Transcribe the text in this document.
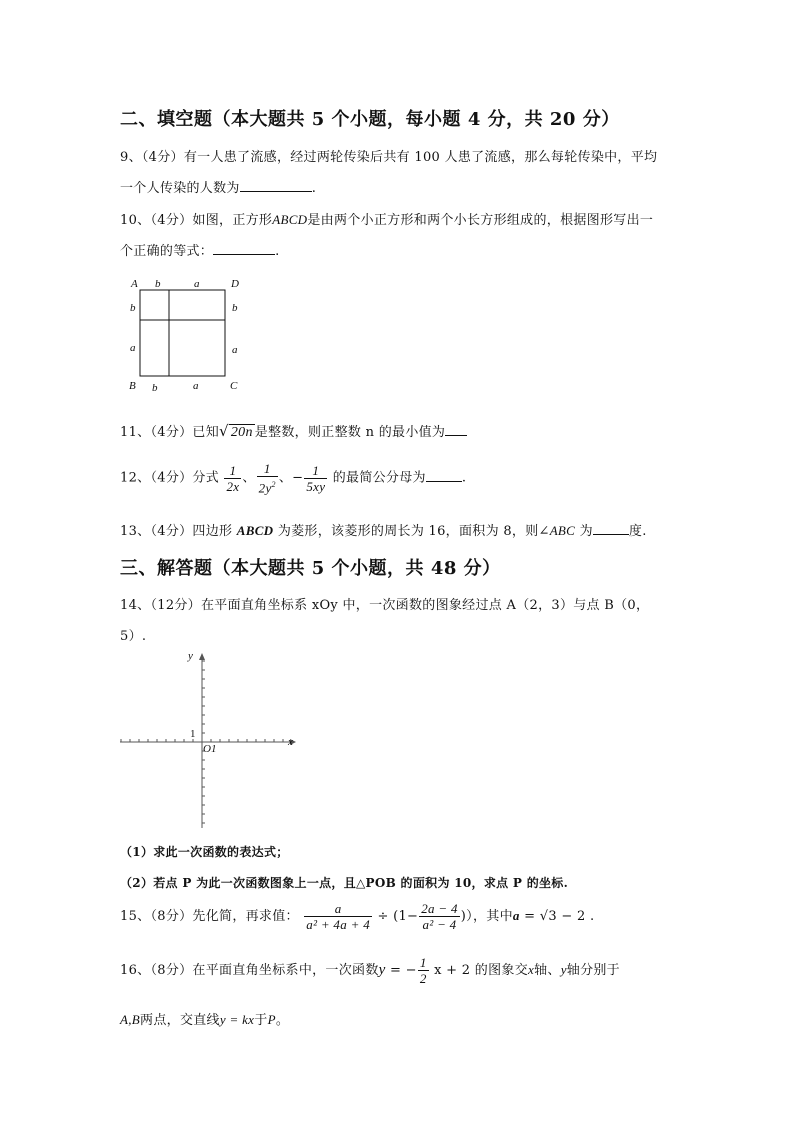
二、填空题（本大题共 5 个小题，每小题 4 分，共 20 分）
9、（4分）有一人患了流感，经过两轮传染后共有 100 人患了流感，那么每轮传染中，平均
一个人传染的人数为	.
10、（4分）如图，正方形ABCD是由两个小正方形和两个小长方形组成的，根据图形写出一
个正确的等式：	.
A b	a	D
b	b
a	a
B b	a	C
11、（4分）已知√ 20n 是整数，则正整数 n 的最小值为
12、（4分）分式 $\frac{1}{2x}$ 、 $\frac{1}{2y^2}$ 、− $\frac{1}{5xy}$ 的最简公分母为	.
13、（4分）四边形 ABCD 为菱形，该菱形的周长为 16，面积为 8，则∠ABC 为	度.
三、解答题（本大题共 5 个小题，共 48 分）
14、（12分）在平面直角坐标系 xOy 中，一次函数的图象经过点 A（2，3）与点 B（0，
5）.
y
x
1
O1
（1）求此一次函数的表达式；
（2）若点 P 为此一次函数图象上一点，且△POB 的面积为 10，求点 P 的坐标.
15、（8分）先化简，再求值： $\frac{a}{\text{a² + 4a + 4}} \div (1- \frac{2a - 4}{\text{a² − 4}}$ )），其中a = √3 − 2 .
16、（8分）在平面直角坐标系中，一次函数y = − $\frac{1}{2}$ x + 2 的图象交x轴、y轴分别于
A,B两点，交直线y = kx于P。
